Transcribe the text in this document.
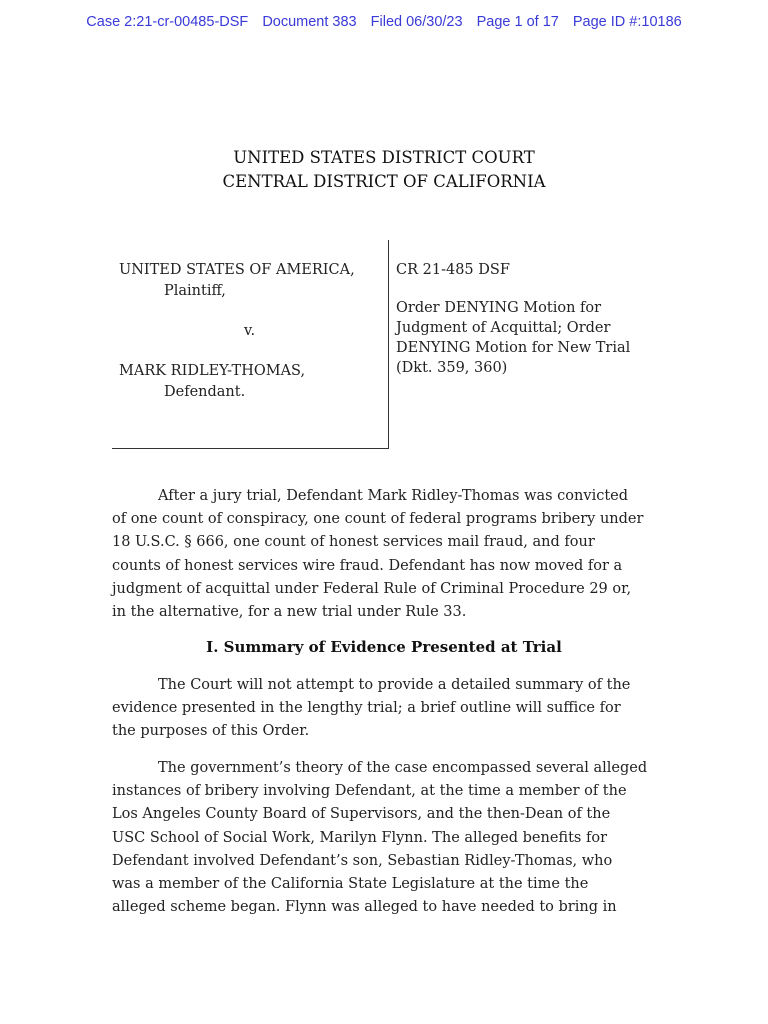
Case 2:21-cr-00485-DSF Document 383 Filed 06/30/23 Page 1 of 17 Page ID #:10186
UNITED STATES DISTRICT COURT
CENTRAL DISTRICT OF CALIFORNIA
UNITED STATES OF AMERICA,
Plaintiff,
v.
MARK RIDLEY-THOMAS,
Defendant.
CR 21-485 DSF
Order DENYING Motion for
Judgment of Acquittal; Order
DENYING Motion for New Trial
(Dkt. 359, 360)
After a jury trial, Defendant Mark Ridley-Thomas was convicted
of one count of conspiracy, one count of federal programs bribery under
18 U.S.C. § 666, one count of honest services mail fraud, and four
counts of honest services wire fraud. Defendant has now moved for a
judgment of acquittal under Federal Rule of Criminal Procedure 29 or,
in the alternative, for a new trial under Rule 33.
I. Summary of Evidence Presented at Trial
The Court will not attempt to provide a detailed summary of the
evidence presented in the lengthy trial; a brief outline will suffice for
the purposes of this Order.
The government’s theory of the case encompassed several alleged
instances of bribery involving Defendant, at the time a member of the
Los Angeles County Board of Supervisors, and the then-Dean of the
USC School of Social Work, Marilyn Flynn. The alleged benefits for
Defendant involved Defendant’s son, Sebastian Ridley-Thomas, who
was a member of the California State Legislature at the time the
alleged scheme began. Flynn was alleged to have needed to bring in
